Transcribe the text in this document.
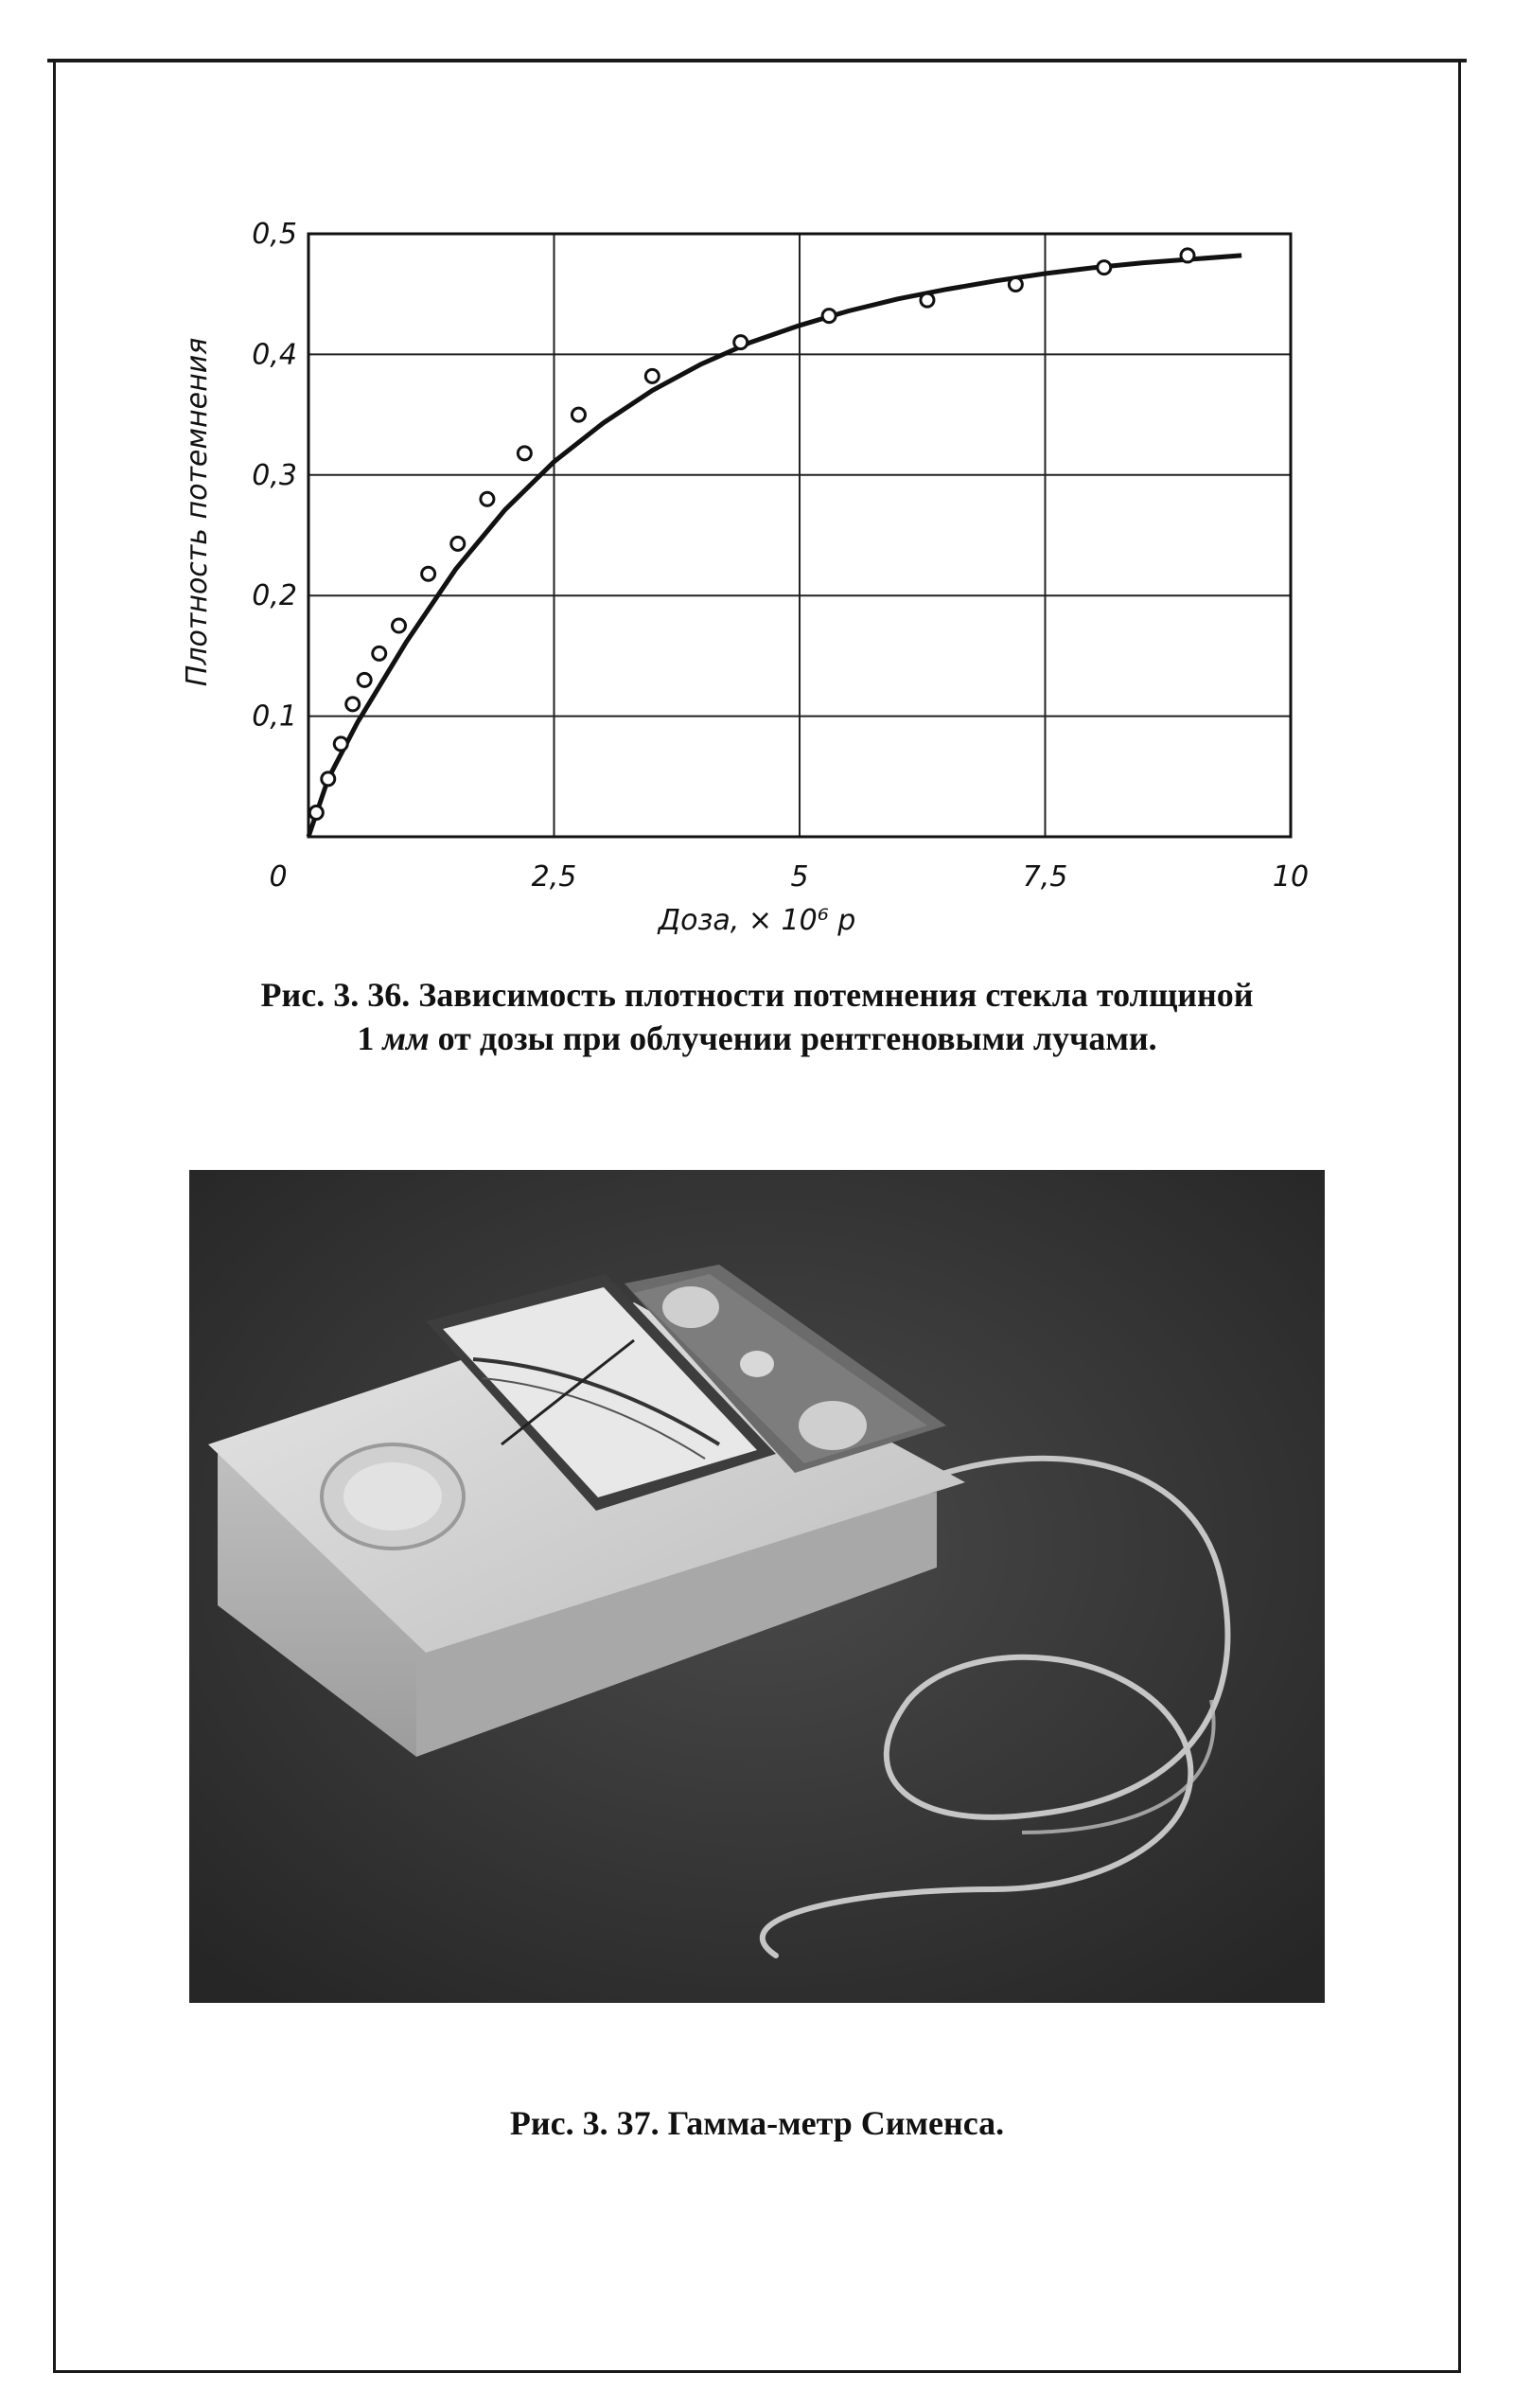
0	2,5	5	7,5	10
0,1
0,2
0,3
0,4
0,5
Доза, × 10⁶ р
Плотность потемнения
Рис. 3. 36. Зависимость плотности потемнения стекла толщиной
1 мм от дозы при облучении рентгеновыми лучами.
Рис. 3. 37. Гамма-метр Сименса.
